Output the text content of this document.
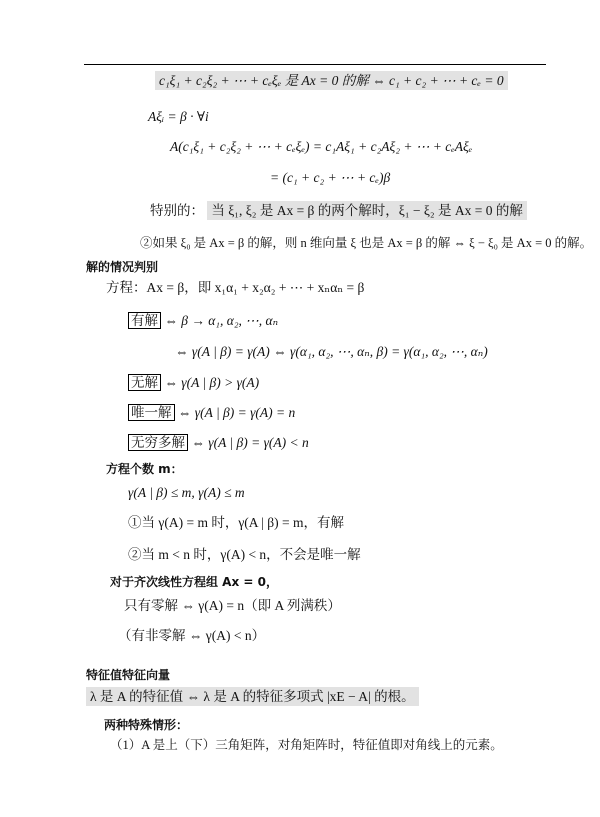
c₁ξ₁ + c₂ξ₂ + ⋯ + cₑξₑ 是 Ax = 0 的解 ⇔ c₁ + c₂ + ⋯ + cₑ = 0
Aξᵢ = β · ∀i
A(c₁ξ₁ + c₂ξ₂ + ⋯ + cₑξₑ) = c₁Aξ₁ + c₂Aξ₂ + ⋯ + cₑAξₑ
= (c₁ + c₂ + ⋯ + cₑ)β
特别的： 当 ξ₁, ξ₂ 是 Ax = β 的两个解时，ξ₁ − ξ₂ 是 Ax = 0 的解
②如果 ξ₀ 是 Ax = β 的解，则 n 维向量 ξ 也是 Ax = β 的解 ⇔ ξ − ξ₀ 是 Ax = 0 的解。
解的情况判别
方程：Ax = β，即 x₁α₁ + x₂α₂ + ⋯ + xₙαₙ = β
有解 ⇔ β → α₁, α₂, ⋯, αₙ
⇔ γ(A | β) = γ(A) ⇔ γ(α₁, α₂, ⋯, αₙ, β) = γ(α₁, α₂, ⋯, αₙ)
无解 ⇔ γ(A | β) > γ(A)
唯一解 ⇔ γ(A | β) = γ(A) = n
无穷多解 ⇔ γ(A | β) = γ(A) < n
方程个数 m：
γ(A | β) ≤ m, γ(A) ≤ m
①当 γ(A) = m 时，γ(A | β) = m，有解
②当 m < n 时，γ(A) < n，不会是唯一解
对于齐次线性方程组 Ax = 0，
只有零解 ⇔ γ(A) = n（即 A 列满秩）
（有非零解 ⇔ γ(A) < n）
特征值特征向量
λ 是 A 的特征值 ⇔ λ 是 A 的特征多项式 |xE − A| 的根。
两种特殊情形：
（1）A 是上（下）三角矩阵，对角矩阵时，特征值即对角线上的元素。
